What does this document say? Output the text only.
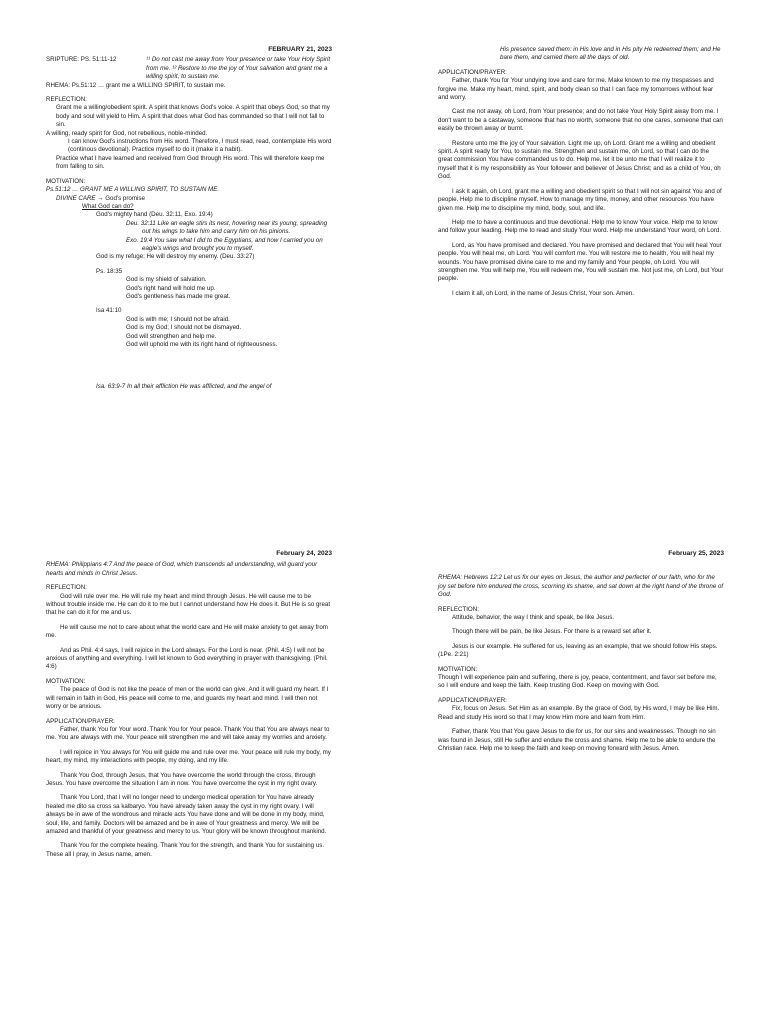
FEBRUARY 21, 2023

SRIPTURE: PS. 51:11-12	¹¹ Do not cast me away from Your presence or take Your Holy Spirit from me. ¹² Restore to me the joy of Your salvation and grant me a willing spirit, to sustain me.

RHEMA: Ps.51:12 … grant me a WILLING SPIRIT, to sustain me.

REFLECTION:

Grant me a willing/obedient spirit. A spirit that knows God's voice. A spirit that obeys God, so that my body and soul will yield to Him. A spirit that does what God has commanded so that I will not fall to sin.

A willing, ready spirit for God, not rebellious, noble-minded.

I can know God's instructions from His word. Therefore, I must read, read, contemplate His word (continous devotional). Practice myself to do it (make it a habit).

Practice what I have learned and received from God through His word. This will therefore keep me from falling to sin.

MOTIVATION:

Ps.51:12 … GRANT ME A WILLING SPIRIT, TO SUSTAIN ME.

DIVINE CARE → God's promise

What God can do?

God's mighty hand (Deu. 32:11, Exo. 19:4)

Deu. 32:11 Like an eagle stirs its nest, hovering near its young, spreading out his wings to take him and carry him on his pinions.

Exo. 19:4 You saw what I did to the Egyptians, and how I carried you on eagle's wings and brought you to myself.

God is my refuge; He will destroy my enemy. (Deu. 33:27)

Ps. 18:35

God is my shield of salvation.

God's right hand will hold me up.

God's gentleness has made me great.

Isa 41:10

God is with me; I should not be afraid.

God is my God; I should not be dismayed.

God will strengthen and help me.

God will uphold me with its right hand of righteousness.

Isa. 63:9-7 In all their affliction He was afflicted, and the angel of

His presence saved them: in His love and in His pity He redeemed them; and He bare them, and carried them all the days of old.

APPLICATION/PRAYER:

Father, thank You for Your undying love and care for me. Make known to me my trespasses and forgive me. Make my heart, mind, spirit, and body clean so that I can face my tomorrows without fear and worry.

Cast me not away, oh Lord, from Your presence; and do not take Your Holy Spirit away from me. I don't want to be a castaway, someone that has no worth, someone that no one cares, someone that can easily be thrown away or burnt.

Restore unto me the joy of Your salvation. Light me up, oh Lord. Grant me a willing and obedient spirit. A spirit ready for You, to sustain me. Strengthen and sustain me, oh Lord, so that I can do the great commission You have commanded us to do. Help me, let it be unto me that I will realize it to myself that it is my responsibility as Your follower and believer of Jesus Christ; and as a child of You, oh God.

I ask it again, oh Lord, grant me a willing and obedient spirit so that I will not sin against You and of people. Help me to discipline myself. How to manage my time, money, and other resources You have given me. Help me to discipline my mind, body, soul, and life.

Help me to have a continuous and true devotional. Help me to know Your voice. Help me to know and follow your leading. Help me to read and study Your word. Help me understand Your word, oh Lord.

Lord, as You have promised and declared. You have promised and declared that You will heal Your people. You will heal me, oh Lord. You will comfort me. You will restore me to health, You will heal my wounds. You have promised divine care to me and my family and Your people, oh Lord. You will strengthen me. You will help me, You will redeem me, You will sustain me. Not just me, oh Lord, but Your people.

I claim it all, oh Lord, in the name of Jesus Christ, Your son. Amen.

February 24, 2023

RHEMA: Philippians 4:7 And the peace of God, which transcends all understanding, will guard your hearts and minds in Christ Jesus.

REFLECTION:

God will rule over me. He will rule my heart and mind through Jesus. He will cause me to be without trouble inside me. He can do it to me but I cannot understand how He does it. But He is so great that he can do it for me and us.

He will cause me not to care about what the world care and He will make anxiety to get away from me.

And as Phil. 4:4 says, I will rejoice in the Lord always. For the Lord is near. (Phil. 4:5) I will not be anxious of anything and everything. I will let known to God everything in prayer with thanksgiving. (Phil. 4:6)

MOTIVATION:

The peace of God is not like the peace of men or the world can give. And it will guard my heart. If I will remain in faith in God, His peace will come to me, and guards my heart and mind. I will then not worry or be anxious.

APPLICATION/PRAYER:

Father, thank You for Your word. Thank You for Your peace. Thank You that You are always near to me. You are always with me. Your peace will strengthen me and will take away my worries and anxiety.

I will rejoice in You always for You will guide me and rule over me. Your peace will rule my body, my heart, my mind, my interactions with people, my doing, and my life.

Thank You God, through Jesus, that You have overcome the world through the cross, through Jesus. You have overcome the situation I am in now. You have overcome the cyst in my right ovary.

Thank You Lord, that I will no longer need to undergo medical operation for You have already healed me dito sa cross sa kalbaryo. You have already taken away the cyst in my right ovary. I will always be in awe of the wondrous and miracle acts You have done and will be done in my body, mind, soul, life, and family. Doctors will be amazed and be in awe of Your greatness and mercy. We will be amazed and thankful of your greatness and mercy to us. Your glory will be known throughout mankind.

Thank You for the complete healing. Thank You for the strength, and thank You for sustaining us. These all I pray, in Jesus name, amen.

February 25, 2023

RHEMA: Hebrews 12:2 Let us fix our eyes on Jesus, the author and perfecter of our faith, who for the joy set before him endured the cross, scorning its shame, and sat down at the right hand of the throne of God.

REFLECTION:

Attitude, behavior, the way I think and speak, be like Jesus.

Though there will be pain, be like Jesus. For there is a reward set after it.

Jesus is our example. He suffered for us, leaving as an example, that we should follow His steps. (1Pe. 2:21)

MOTIVATION:

Though I will experience pain and suffering, there is joy, peace, contentment, and favor set before me, so I will endure and keep the faith. Keep trusting God. Keep on moving with God.

APPLICATION/PRAYER:

Fix, focus on Jesus. Set Him as an example. By the grace of God, by His word, I may be like Him. Read and study His word so that I may know Him more and learn from Him.

Father, thank You that You gave Jesus to die for us, for our sins and weaknesses. Though no sin was found in Jesus, still He suffer and endure the cross and shame. Help me to be able to endure the Christian race. Help me to keep the faith and keep on moving forward with Jesus. Amen.
